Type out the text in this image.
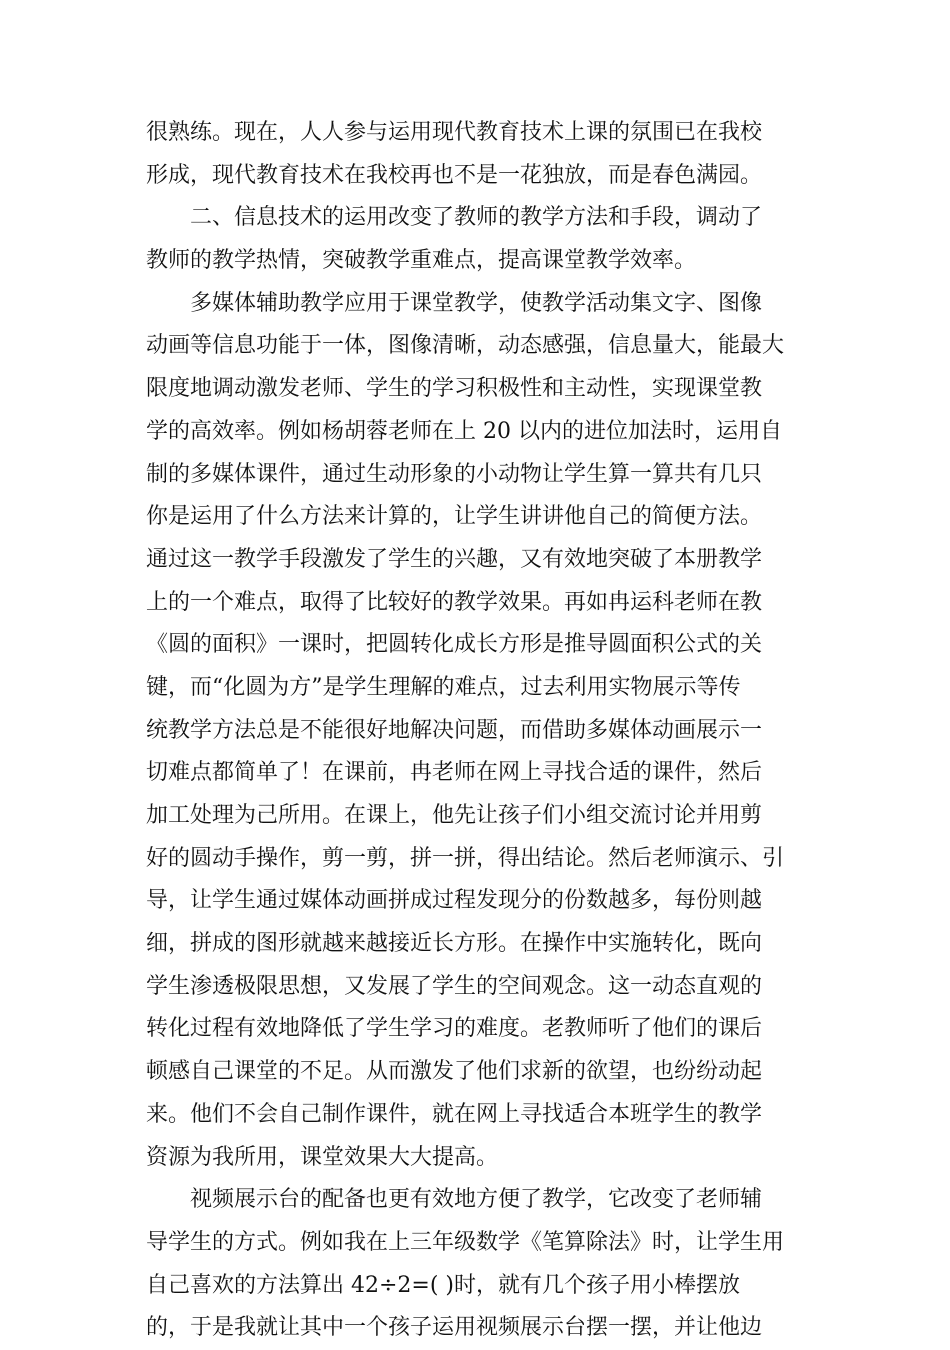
很熟练。现在，人人参与运用现代教育技术上课的氛围已在我校
形成，现代教育技术在我校再也不是一花独放，而是春色满园。
二、信息技术的运用改变了教师的教学方法和手段，调动了
教师的教学热情，突破教学重难点，提高课堂教学效率。
多媒体辅助教学应用于课堂教学，使教学活动集文字、图像
动画等信息功能于一体，图像清晰，动态感强，信息量大，能最大
限度地调动激发老师、学生的学习积极性和主动性，实现课堂教
学的高效率。例如杨胡蓉老师在上 20 以内的进位加法时，运用自
制的多媒体课件，通过生动形象的小动物让学生算一算共有几只
你是运用了什么方法来计算的，让学生讲讲他自己的简便方法。
通过这一教学手段激发了学生的兴趣，又有效地突破了本册教学
上的一个难点，取得了比较好的教学效果。再如冉运科老师在教
《圆的面积》一课时，把圆转化成长方形是推导圆面积公式的关
键，而“化圆为方”是学生理解的难点，过去利用实物展示等传
统教学方法总是不能很好地解决问题，而借助多媒体动画展示一
切难点都简单了！在课前，冉老师在网上寻找合适的课件，然后
加工处理为己所用。在课上，他先让孩子们小组交流讨论并用剪
好的圆动手操作，剪一剪，拼一拼，得出结论。然后老师演示、引
导，让学生通过媒体动画拼成过程发现分的份数越多，每份则越
细，拼成的图形就越来越接近长方形。在操作中实施转化，既向
学生渗透极限思想，又发展了学生的空间观念。这一动态直观的
转化过程有效地降低了学生学习的难度。老教师听了他们的课后
顿感自己课堂的不足。从而激发了他们求新的欲望，也纷纷动起
来。他们不会自己制作课件，就在网上寻找适合本班学生的教学
资源为我所用，课堂效果大大提高。
视频展示台的配备也更有效地方便了教学，它改变了老师辅
导学生的方式。例如我在上三年级数学《笔算除法》时，让学生用
自己喜欢的方法算出 42÷2=( )时，就有几个孩子用小棒摆放
的，于是我就让其中一个孩子运用视频展示台摆一摆，并让他边
